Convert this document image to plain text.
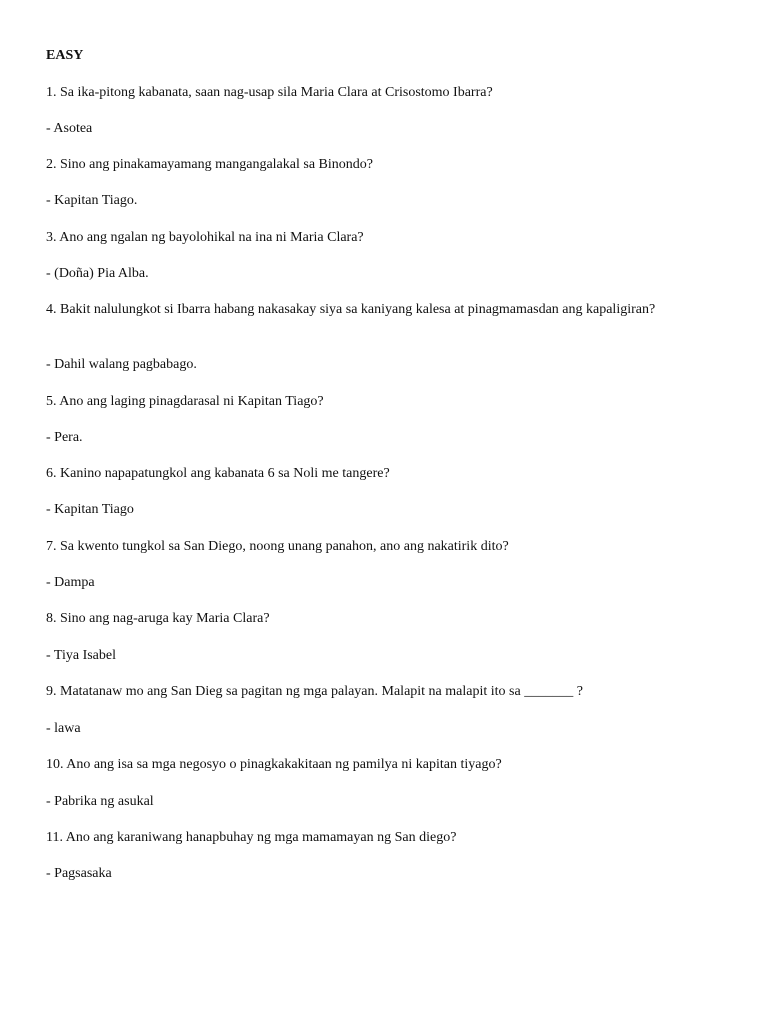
EASY
1. Sa ika-pitong kabanata, saan nag-usap sila Maria Clara at Crisostomo Ibarra?
- Asotea
2. Sino ang pinakamayamang mangangalakal sa Binondo?
- Kapitan Tiago.
3. Ano ang ngalan ng bayolohikal na ina ni Maria Clara?
- (Doña) Pia Alba.
4. Bakit nalulungkot si Ibarra habang nakasakay siya sa kaniyang kalesa at pinagmamasdan ang kapaligiran?
- Dahil walang pagbabago.
5. Ano ang laging pinagdarasal ni Kapitan Tiago?
- Pera.
6. Kanino napapatungkol ang kabanata 6 sa Noli me tangere?
- Kapitan Tiago
7. Sa kwento tungkol sa San Diego, noong unang panahon, ano ang nakatirik dito?
- Dampa
8. Sino ang nag-aruga kay Maria Clara?
- Tiya Isabel
9. Matatanaw mo ang San Dieg sa pagitan ng mga palayan. Malapit na malapit ito sa _______ ?
- lawa
10. Ano ang isa sa mga negosyo o pinagkakakitaan ng pamilya ni kapitan tiyago?
- Pabrika ng asukal
11. Ano ang karaniwang hanapbuhay ng mga mamamayan ng San diego?
- Pagsasaka
